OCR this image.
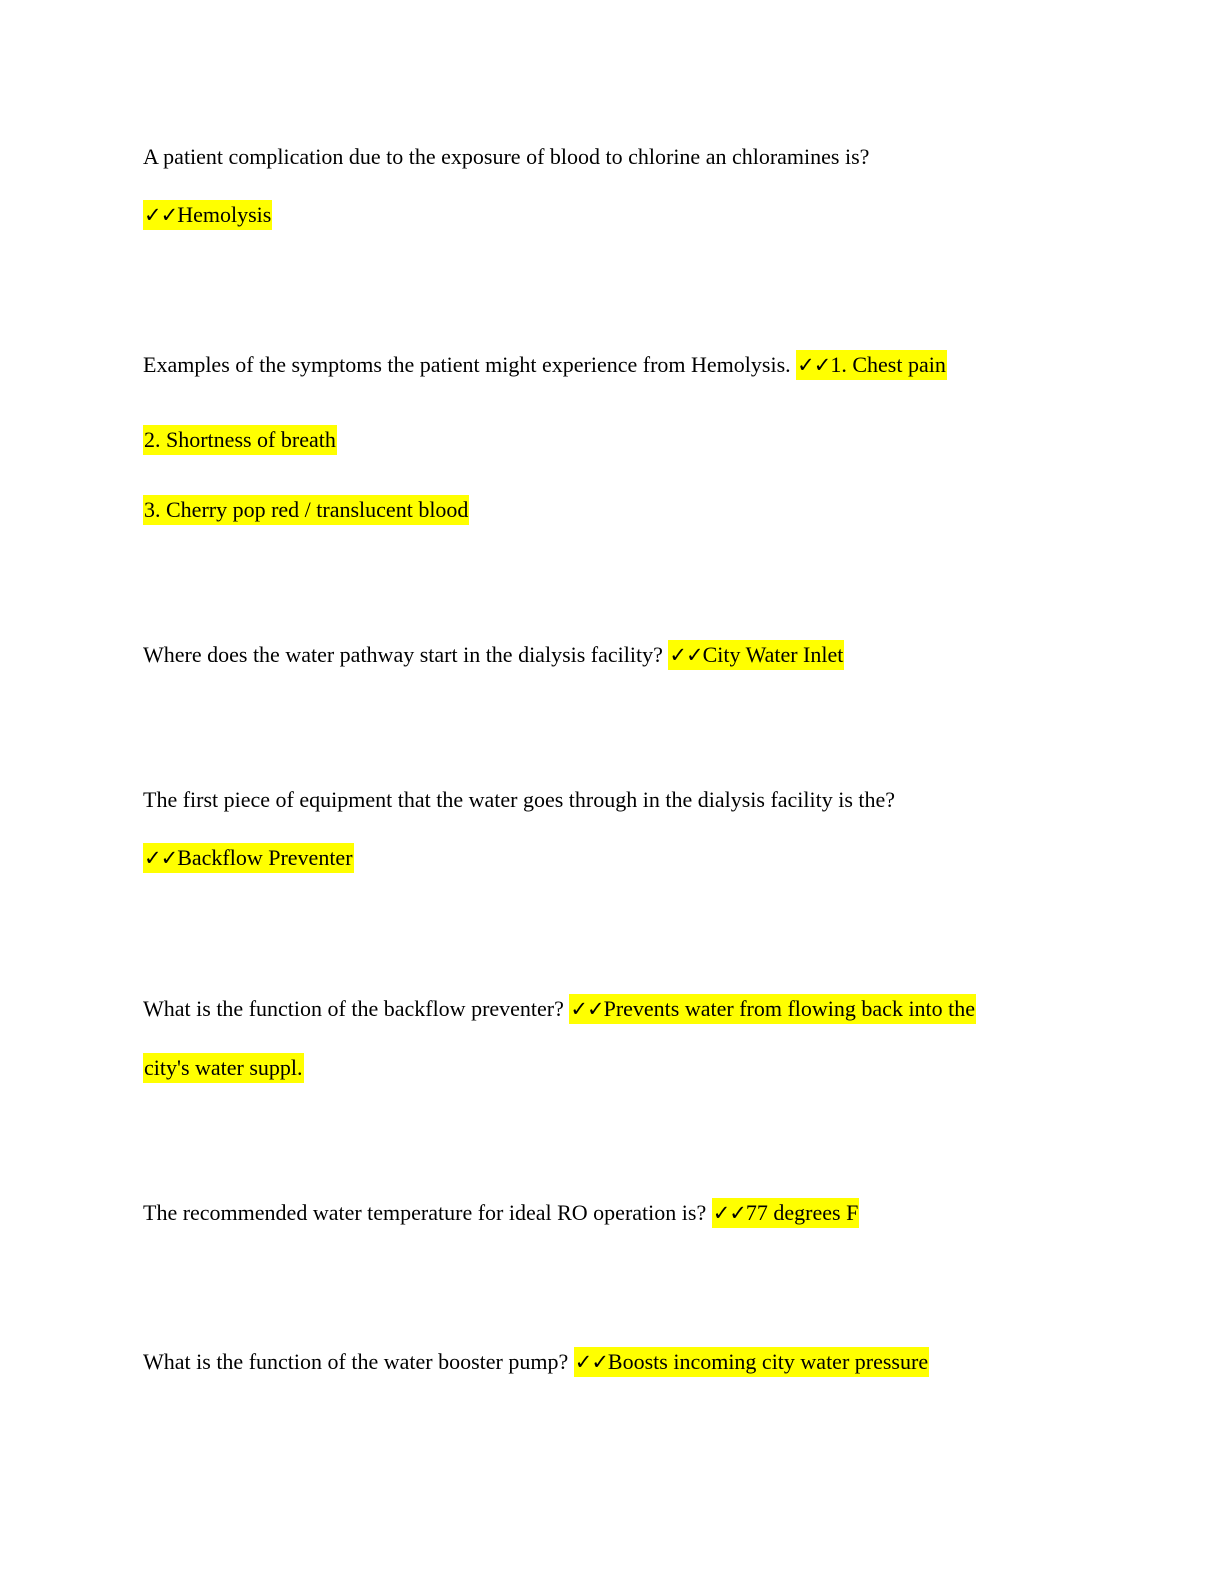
A patient complication due to the exposure of blood to chlorine an chloramines is?
✓✓Hemolysis
Examples of the symptoms the patient might experience from Hemolysis. ✓✓1. Chest pain
2. Shortness of breath
3. Cherry pop red / translucent blood
Where does the water pathway start in the dialysis facility? ✓✓City Water Inlet
The first piece of equipment that the water goes through in the dialysis facility is the?
✓✓Backflow Preventer
What is the function of the backflow preventer? ✓✓Prevents water from flowing back into the
city's water suppl.
The recommended water temperature for ideal RO operation is? ✓✓77 degrees F
What is the function of the water booster pump? ✓✓Boosts incoming city water pressure
